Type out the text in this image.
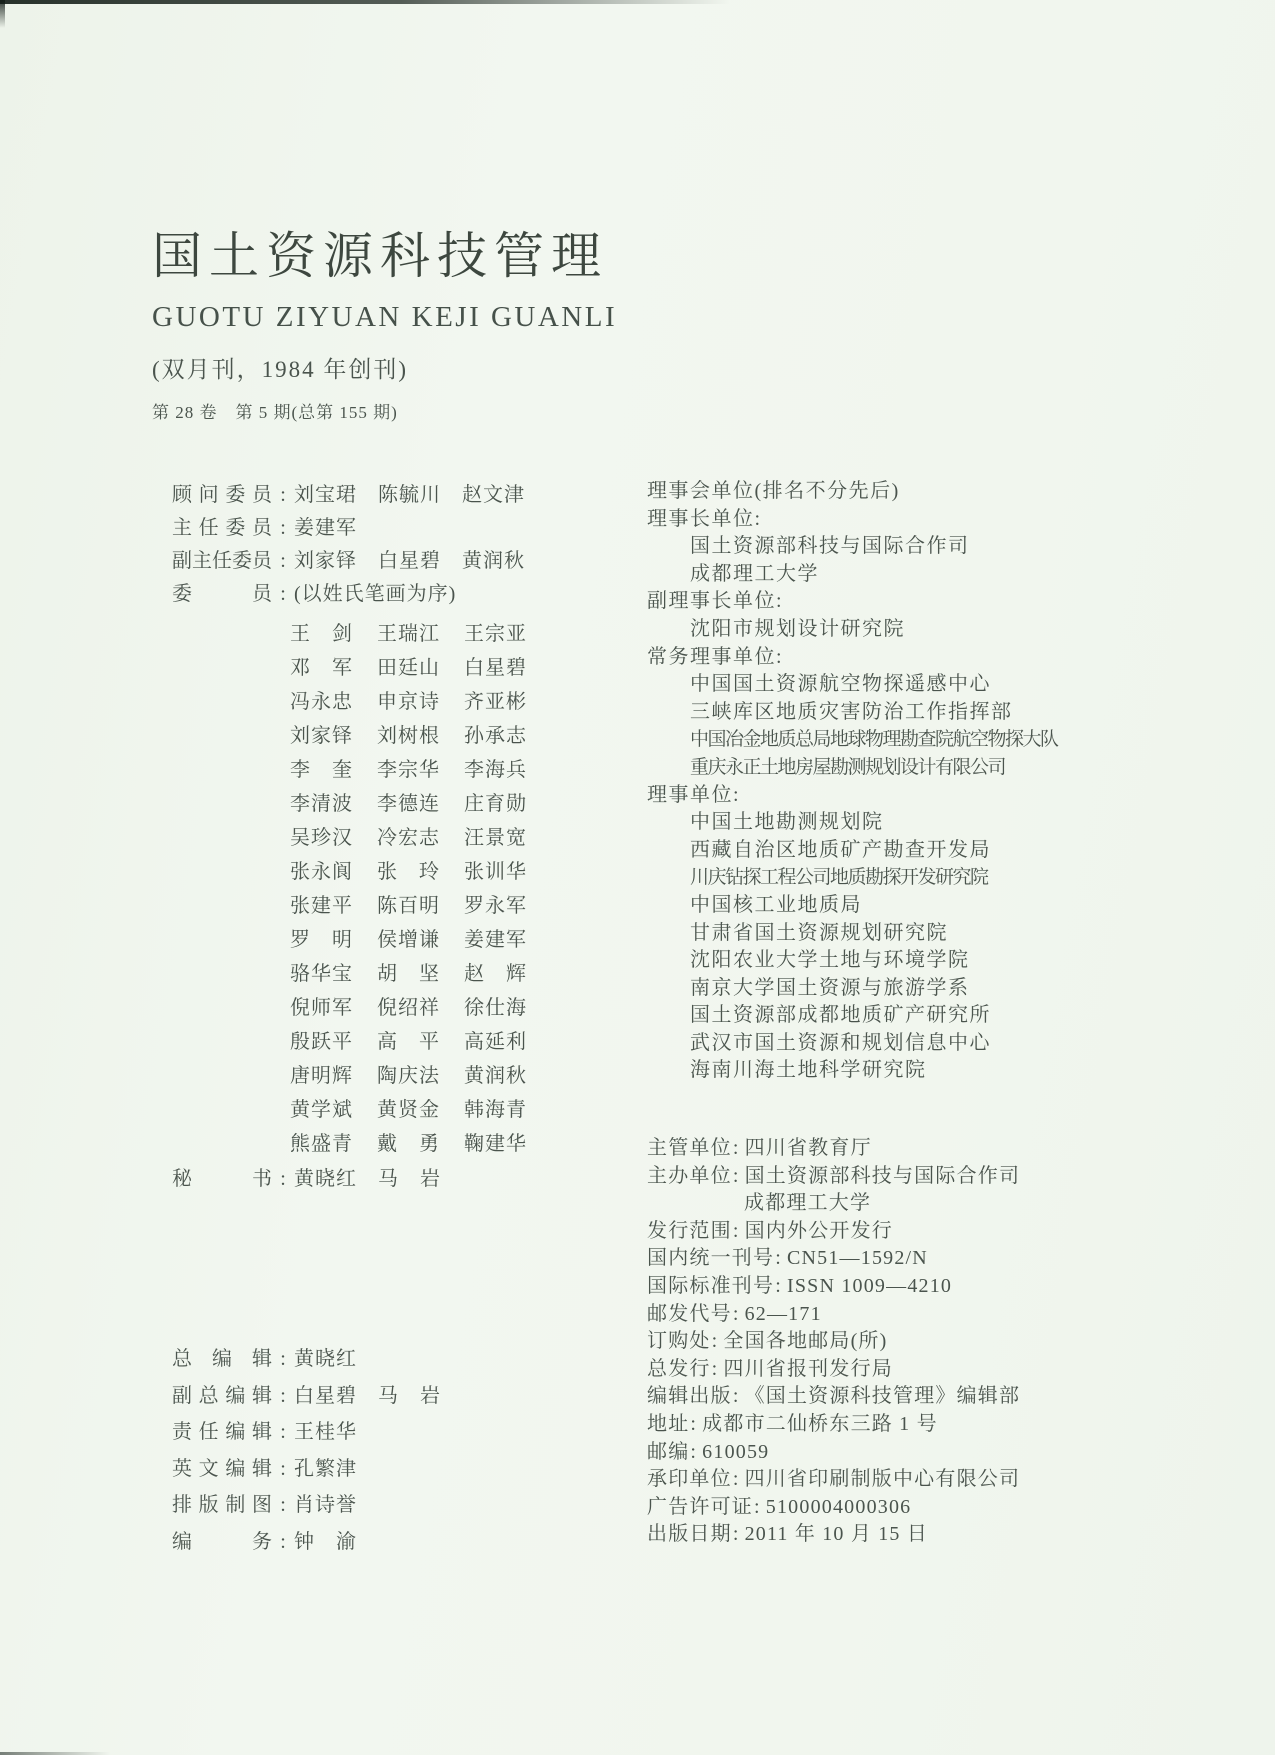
国土资源科技管理
GUOTU ZIYUAN KEJI GUANLI
(双月刊，1984 年创刊)
第 28 卷　第 5 期(总第 155 期)
顾问委员 : 刘宝珺　陈毓川　赵文津
主任委员 : 姜建军
副主任委员 : 刘家铎　白星碧　黄润秋
委员 : (以姓氏笔画为序)
王　剑 王瑞江 王宗亚
邓　军 田廷山 白星碧
冯永忠 申京诗 齐亚彬
刘家铎 刘树根 孙承志
李　奎 李宗华 李海兵
李清波 李德连 庄育勋
吴珍汉 冷宏志 汪景宽
张永阆 张　玲 张训华
张建平 陈百明 罗永军
罗　明 侯增谦 姜建军
骆华宝 胡　坚 赵　辉
倪师军 倪绍祥 徐仕海
殷跃平 高　平 高延利
唐明辉 陶庆法 黄润秋
黄学斌 黄贤金 韩海青
熊盛青 戴　勇 鞠建华
秘书 : 黄晓红　马　岩
总编辑 : 黄晓红
副总编辑 : 白星碧　马　岩
责任编辑 : 王桂华
英文编辑 : 孔繁津
排版制图 : 肖诗誉
编务 : 钟　渝
理事会单位(排名不分先后)
理事长单位:
国土资源部科技与国际合作司
成都理工大学
副理事长单位:
沈阳市规划设计研究院
常务理事单位:
中国国土资源航空物探遥感中心
三峡库区地质灾害防治工作指挥部
中国冶金地质总局地球物理勘查院航空物探大队
重庆永正土地房屋勘测规划设计有限公司
理事单位:
中国土地勘测规划院
西藏自治区地质矿产勘查开发局
川庆钻探工程公司地质勘探开发研究院
中国核工业地质局
甘肃省国土资源规划研究院
沈阳农业大学土地与环境学院
南京大学国土资源与旅游学系
国土资源部成都地质矿产研究所
武汉市国土资源和规划信息中心
海南川海土地科学研究院
主管单位: 四川省教育厅
主办单位: 国土资源部科技与国际合作司
成都理工大学
发行范围: 国内外公开发行
国内统一刊号: CN51—1592/N
国际标准刊号: ISSN 1009—4210
邮发代号: 62—171
订购处: 全国各地邮局(所)
总发行: 四川省报刊发行局
编辑出版: 《国土资源科技管理》编辑部
地址: 成都市二仙桥东三路 1 号
邮编: 610059
承印单位: 四川省印刷制版中心有限公司
广告许可证: 5100004000306
出版日期: 2011 年 10 月 15 日
